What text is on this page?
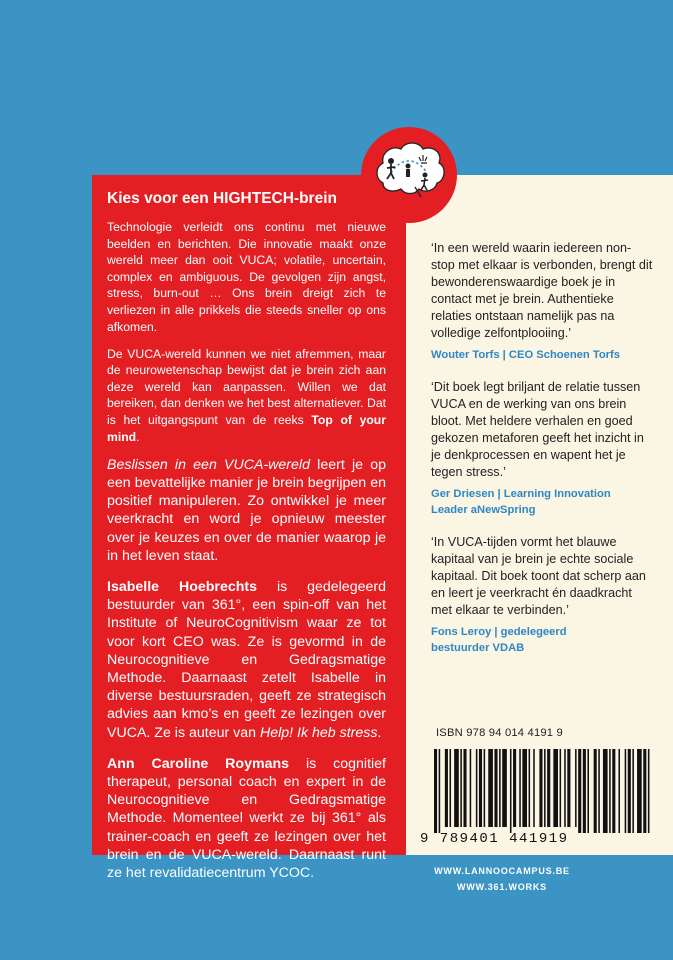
Kies voor een HIGHTECH-brein

Technologie verleidt ons continu met nieuwe beelden en berichten. Die innovatie maakt onze wereld meer dan ooit VUCA; volatile, uncertain, complex en ambiguous. De gevolgen zijn angst, stress, burn-out … Ons brein dreigt zich te verliezen in alle prikkels die steeds sneller op ons afkomen.

De VUCA-wereld kunnen we niet afremmen, maar de neurowetenschap bewijst dat je brein zich aan deze wereld kan aanpassen. Willen we dat bereiken, dan denken we het best alternatiever. Dat is het uitgangspunt van de reeks Top of your mind.

Beslissen in een VUCA-wereld leert je op een bevattelijke manier je brein begrijpen en positief manipuleren. Zo ontwikkel je meer veerkracht en word je opnieuw meester over je keuzes en over de manier waarop je in het leven staat.

Isabelle Hoebrechts is gedelegeerd bestuurder van 361°, een spin-off van het Institute of NeuroCognitivism waar ze tot voor kort CEO was. Ze is gevormd in de Neurocognitieve en Gedragsmatige Methode. Daarnaast zetelt Isabelle in diverse bestuursraden, geeft ze strategisch advies aan kmo’s en geeft ze lezingen over VUCA. Ze is auteur van Help! Ik heb stress.

Ann Caroline Roymans is cognitief therapeut, personal coach en expert in de Neurocognitieve en Gedragsmatige Methode. Momenteel werkt ze bij 361° als trainer-coach en geeft ze lezingen over het brein en de VUCA-wereld. Daarnaast runt ze het revalidatiecentrum YCOC.

‘In een wereld waarin iedereen non-stop met elkaar is verbonden, brengt dit bewonderenswaardige boek je in contact met je brein. Authentieke relaties ontstaan namelijk pas na volledige zelfontplooiing.’

Wouter Torfs | CEO Schoenen Torfs

‘Dit boek legt briljant de relatie tussen VUCA en de werking van ons brein bloot. Met heldere verhalen en goed gekozen metaforen geeft het inzicht in je denkprocessen en wapent het je tegen stress.’

Ger Driesen | Learning Innovation
Leader aNewSpring

‘In VUCA-tijden vormt het blauwe kapitaal van je brein je echte sociale kapitaal. Dit boek toont dat scherp aan en leert je veerkracht én daadkracht met elkaar te verbinden.’

Fons Leroy | gedelegeerd
bestuurder VDAB

ISBN 978 94 014 4191 9
9 789401 441919
WWW.LANNOOCAMPUS.BE
WWW.361.WORKS
